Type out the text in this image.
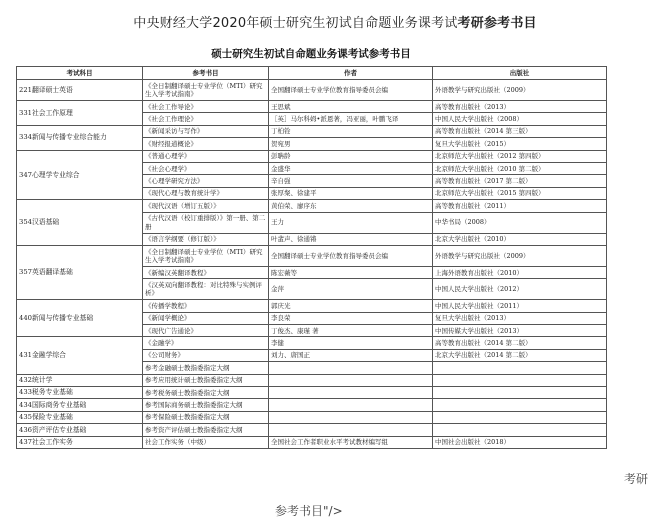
中央财经大学2020年硕士研究生初试自命题业务课考试考研参考书目
硕士研究生初试自命题业务课考试参考书目
考试科目	参考书目	作者	出版社
221翻译硕士英语	《全日制翻译硕士专业学位（MTI）研究生入学考试指南》	全国翻译硕士专业学位教育指导委员会编	外语教学与研究出版社（2009）
331社会工作原理	《社会工作导论》	王思斌	高等教育出版社（2013）
	《社会工作理论》	［英］马尔科姆•派恩著，冯亚丽，叶鹏飞译	中国人民大学出版社（2008）
334新闻与传播专业综合能力	《新闻采访与写作》	丁柏铨	高等教育出版社（2014 第三版）
	《财经报道概论》	贺宛男	复旦大学出版社（2015）
347心理学专业综合	《普通心理学》	彭聃龄	北京师范大学出版社（2012 第四版）
	《社会心理学》	金盛华	北京师范大学出版社（2010 第二版）
	《心理学研究方法》	辛自强	高等教育出版社（2017 第二版）
	《现代心理与教育统计学》	张厚粲、徐建平	北京师范大学出版社（2015 第四版）
354汉语基础	《现代汉语（增订五版）》	黄伯荣、廖序东	高等教育出版社（2011）
	《古代汉语（校订重排版）》第一册、第二册	王力	中华书局（2008）
	《语言学纲要（修订版）》	叶蜚声、徐通锵	北京大学出版社（2010）
357英语翻译基础	《全日制翻译硕士专业学位（MTI）研究生入学考试指南》	全国翻译硕士专业学位教育指导委员会编	外语教学与研究出版社（2009）
	《新编汉英翻译教程》	陈宏薇等	上海外语教育出版社（2010）
	《汉英双向翻译教程：对比特殊与实例评析》	金萍	中国人民大学出版社（2012）
440新闻与传播专业基础	《传播学教程》	郭庆光	中国人民大学出版社（2011）
	《新闻学概论》	李良荣	复旦大学出版社（2013）
	《现代广告通论》	丁俊杰、康瑾 著	中国传媒大学出版社（2013）
431金融学综合	《金融学》	李健	高等教育出版社（2014 第二版）
	《公司财务》	刘力、唐国正	北京大学出版社（2014 第二版）
	参考金融硕士教指委指定大纲		
432统计学	参考应用统计硕士教指委指定大纲		
433税务专业基础	参考税务硕士教指委指定大纲		
434国际商务专业基础	参考国际商务硕士教指委指定大纲		
435保险专业基础	参考保险硕士教指委指定大纲		
436资产评估专业基础	参考资产评估硕士教指委指定大纲		
437社会工作实务	社会工作实务（中级）	全国社会工作者职业水平考试教材编写组	中国社会出版社（2018）
考研
参考书目"/>
